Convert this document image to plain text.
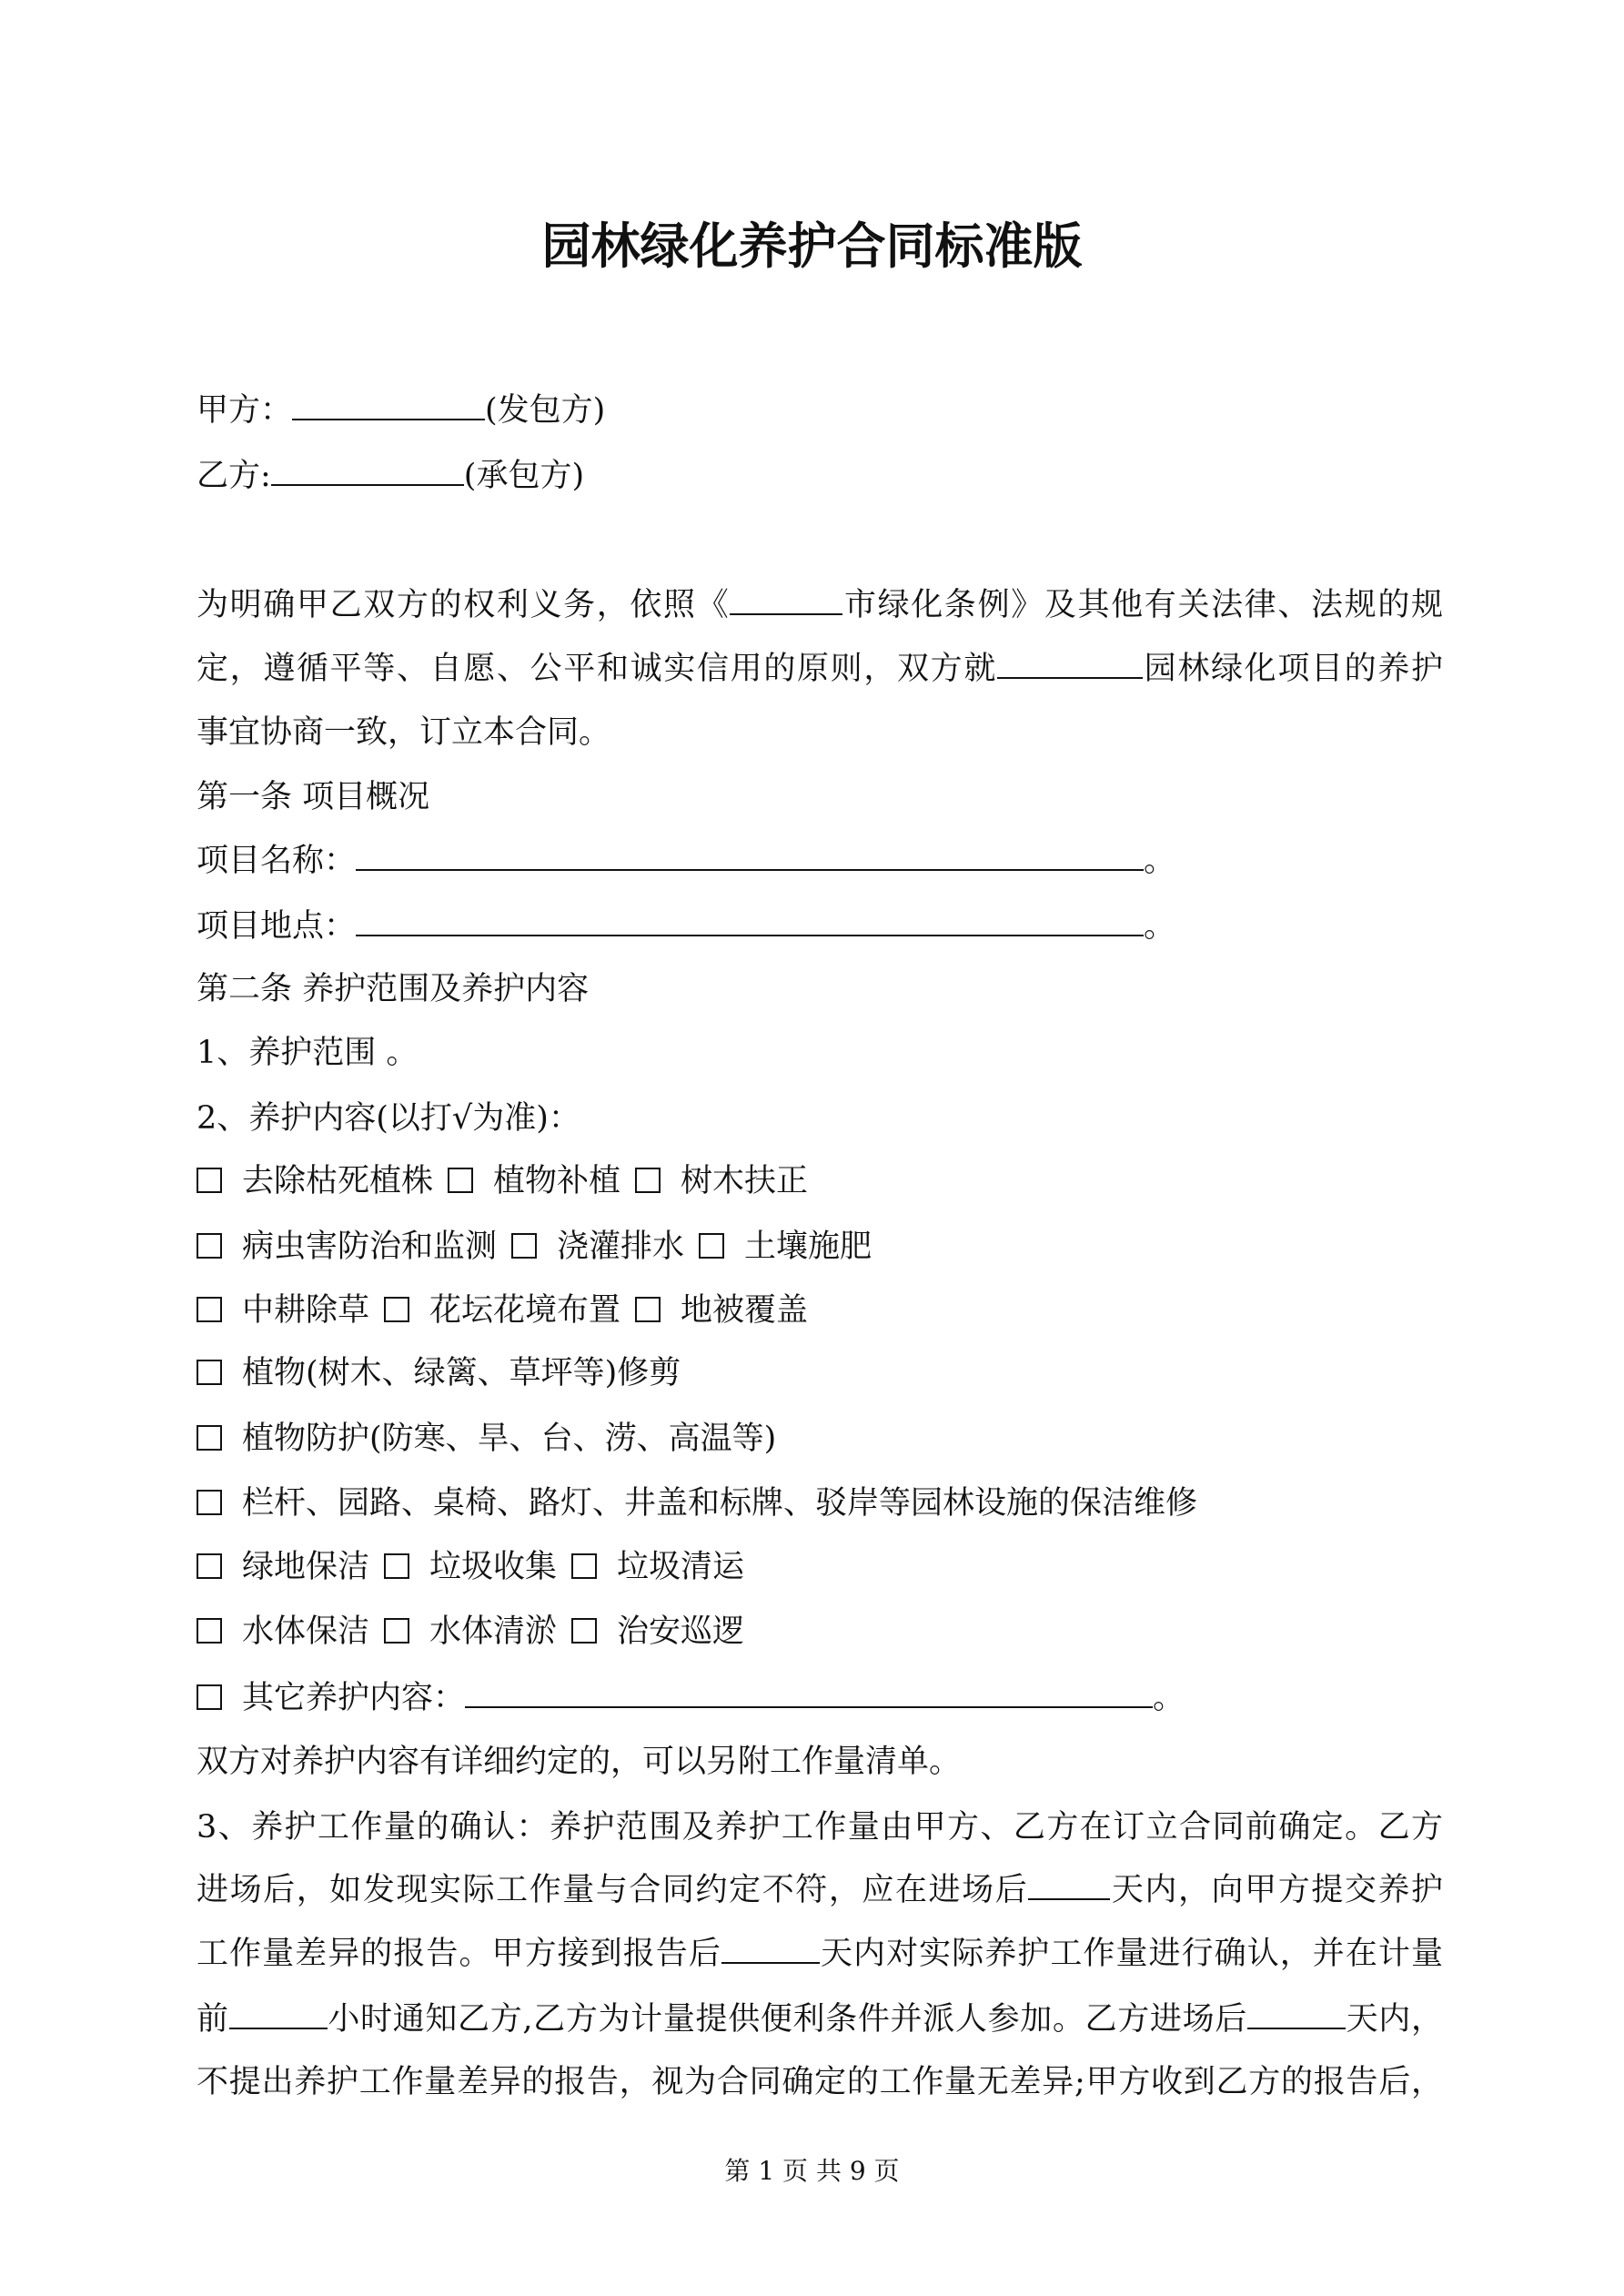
园林绿化养护合同标准版
甲方：	(发包方)
乙方:	(承包方)
为明确甲乙双方的权利义务，依照《	市绿化条例》及其他有关法律、法规的规
定，遵循平等、自愿、公平和诚实信用的原则，双方就	园林绿化项目的养护
事宜协商一致，订立本合同。
第一条 项目概况
项目名称：	。
项目地点：	。
第二条 养护范围及养护内容
1、养护范围 。
2、养护内容(以打√为准)：
去除枯死植株 植物补植 树木扶正
病虫害防治和监测 浇灌排水 土壤施肥
中耕除草 花坛花境布置 地被覆盖
植物(树木、绿篱、草坪等)修剪
植物防护(防寒、旱、台、涝、高温等)
栏杆、园路、桌椅、路灯、井盖和标牌、驳岸等园林设施的保洁维修
绿地保洁 垃圾收集 垃圾清运
水体保洁 水体清淤 治安巡逻
其它养护内容：	。
双方对养护内容有详细约定的，可以另附工作量清单。
3、养护工作量的确认：养护范围及养护工作量由甲方、乙方在订立合同前确定。乙方
进场后，如发现实际工作量与合同约定不符，应在进场后	天内，向甲方提交养护
工作量差异的报告。甲方接到报告后	天内对实际养护工作量进行确认，并在计量
前	小时通知乙方,乙方为计量提供便利条件并派人参加。乙方进场后	天内，
不提出养护工作量差异的报告，视为合同确定的工作量无差异;甲方收到乙方的报告后，
第 1 页 共 9 页
